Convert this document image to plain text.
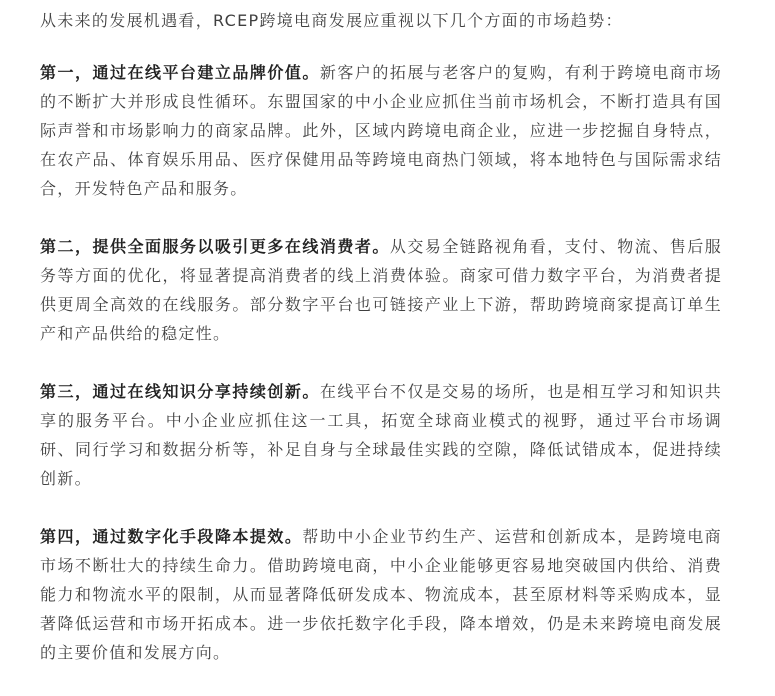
从未来的发展机遇看，RCEP跨境电商发展应重视以下几个方面的市场趋势：

第一，通过在线平台建立品牌价值。新客户的拓展与老客户的复购，有利于跨境电商市场的不断扩大并形成良性循环。东盟国家的中小企业应抓住当前市场机会，不断打造具有国际声誉和市场影响力的商家品牌。此外，区域内跨境电商企业，应进一步挖掘自身特点，在农产品、体育娱乐用品、医疗保健用品等跨境电商热门领域，将本地特色与国际需求结合，开发特色产品和服务。

第二，提供全面服务以吸引更多在线消费者。从交易全链路视角看，支付、物流、售后服务等方面的优化，将显著提高消费者的线上消费体验。商家可借力数字平台，为消费者提供更周全高效的在线服务。部分数字平台也可链接产业上下游，帮助跨境商家提高订单生产和产品供给的稳定性。

第三，通过在线知识分享持续创新。在线平台不仅是交易的场所，也是相互学习和知识共享的服务平台。中小企业应抓住这一工具，拓宽全球商业模式的视野，通过平台市场调研、同行学习和数据分析等，补足自身与全球最佳实践的空隙，降低试错成本，促进持续创新。

第四，通过数字化手段降本提效。帮助中小企业节约生产、运营和创新成本，是跨境电商市场不断壮大的持续生命力。借助跨境电商，中小企业能够更容易地突破国内供给、消费能力和物流水平的限制，从而显著降低研发成本、物流成本，甚至原材料等采购成本，显著降低运营和市场开拓成本。进一步依托数字化手段，降本增效，仍是未来跨境电商发展的主要价值和发展方向。
